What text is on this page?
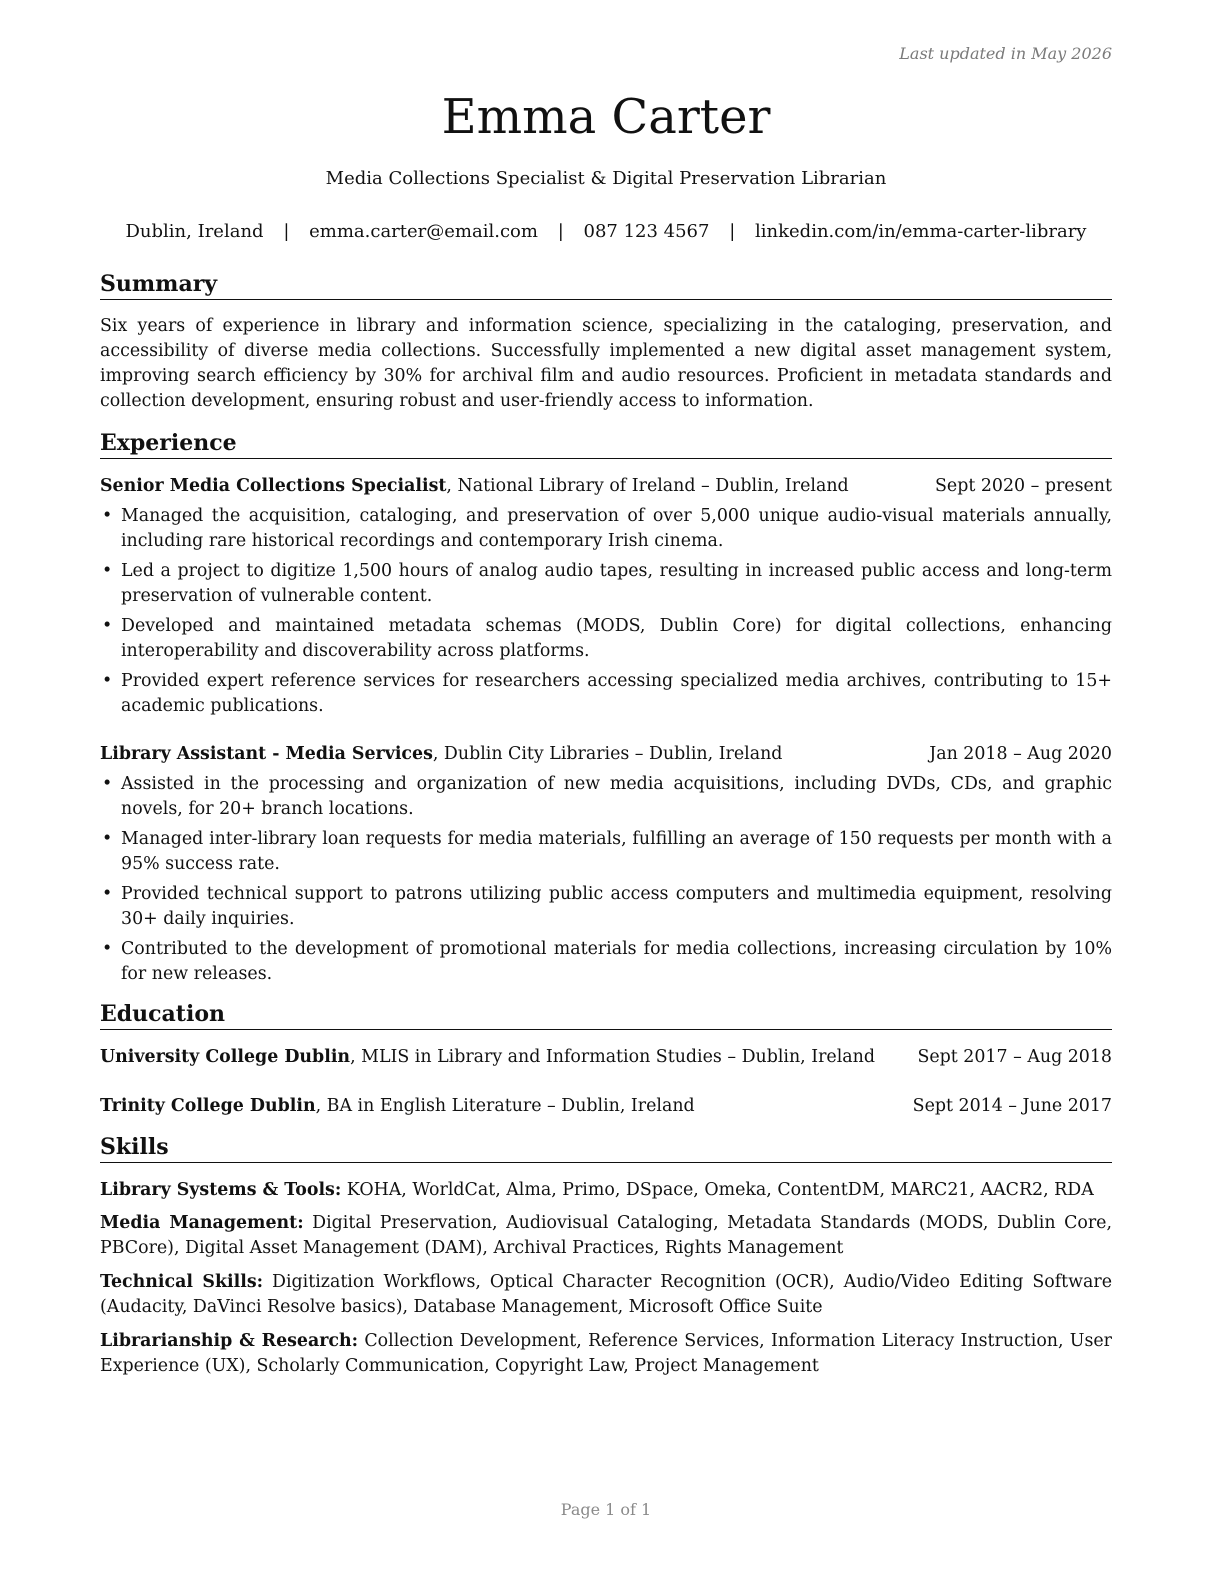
Last updated in May 2026
Emma Carter
Media Collections Specialist & Digital Preservation Librarian
Dublin, Ireland | emma.carter@email.com | 087 123 4567 | linkedin.com/in/emma-carter-library
Summary
Six years of experience in library and information science, specializing in the cataloging, preservation, and accessibility of diverse media collections. Successfully implemented a new digital asset management system, improving search efficiency by 30% for archival film and audio resources. Proficient in metadata standards and collection development, ensuring robust and user-friendly access to information.
Experience
Senior Media Collections Specialist, National Library of Ireland – Dublin, Ireland	Sept 2020 – present
• Managed the acquisition, cataloging, and preservation of over 5,000 unique audio-visual materials annually, including rare historical recordings and contemporary Irish cinema.
• Led a project to digitize 1,500 hours of analog audio tapes, resulting in increased public access and long-term preservation of vulnerable content.
• Developed and maintained metadata schemas (MODS, Dublin Core) for digital collections, enhancing interoperability and discoverability across platforms.
• Provided expert reference services for researchers accessing specialized media archives, contributing to 15+ academic publications.
Library Assistant - Media Services, Dublin City Libraries – Dublin, Ireland	Jan 2018 – Aug 2020
• Assisted in the processing and organization of new media acquisitions, including DVDs, CDs, and graphic novels, for 20+ branch locations.
• Managed inter-library loan requests for media materials, fulfilling an average of 150 requests per month with a 95% success rate.
• Provided technical support to patrons utilizing public access computers and multimedia equipment, resolving 30+ daily inquiries.
• Contributed to the development of promotional materials for media collections, increasing circulation by 10% for new releases.
Education
University College Dublin, MLIS in Library and Information Studies – Dublin, Ireland Sept 2017 – Aug 2018
Trinity College Dublin, BA in English Literature – Dublin, Ireland	Sept 2014 – June 2017
Skills
Library Systems & Tools: KOHA, WorldCat, Alma, Primo, DSpace, Omeka, ContentDM, MARC21, AACR2, RDA
Media Management: Digital Preservation, Audiovisual Cataloging, Metadata Standards (MODS, Dublin Core, PBCore), Digital Asset Management (DAM), Archival Practices, Rights Management
Technical Skills: Digitization Workflows, Optical Character Recognition (OCR), Audio/Video Editing Software (Audacity, DaVinci Resolve basics), Database Management, Microsoft Office Suite
Librarianship & Research: Collection Development, Reference Services, Information Literacy Instruction, User Experience (UX), Scholarly Communication, Copyright Law, Project Management
Page 1 of 1
